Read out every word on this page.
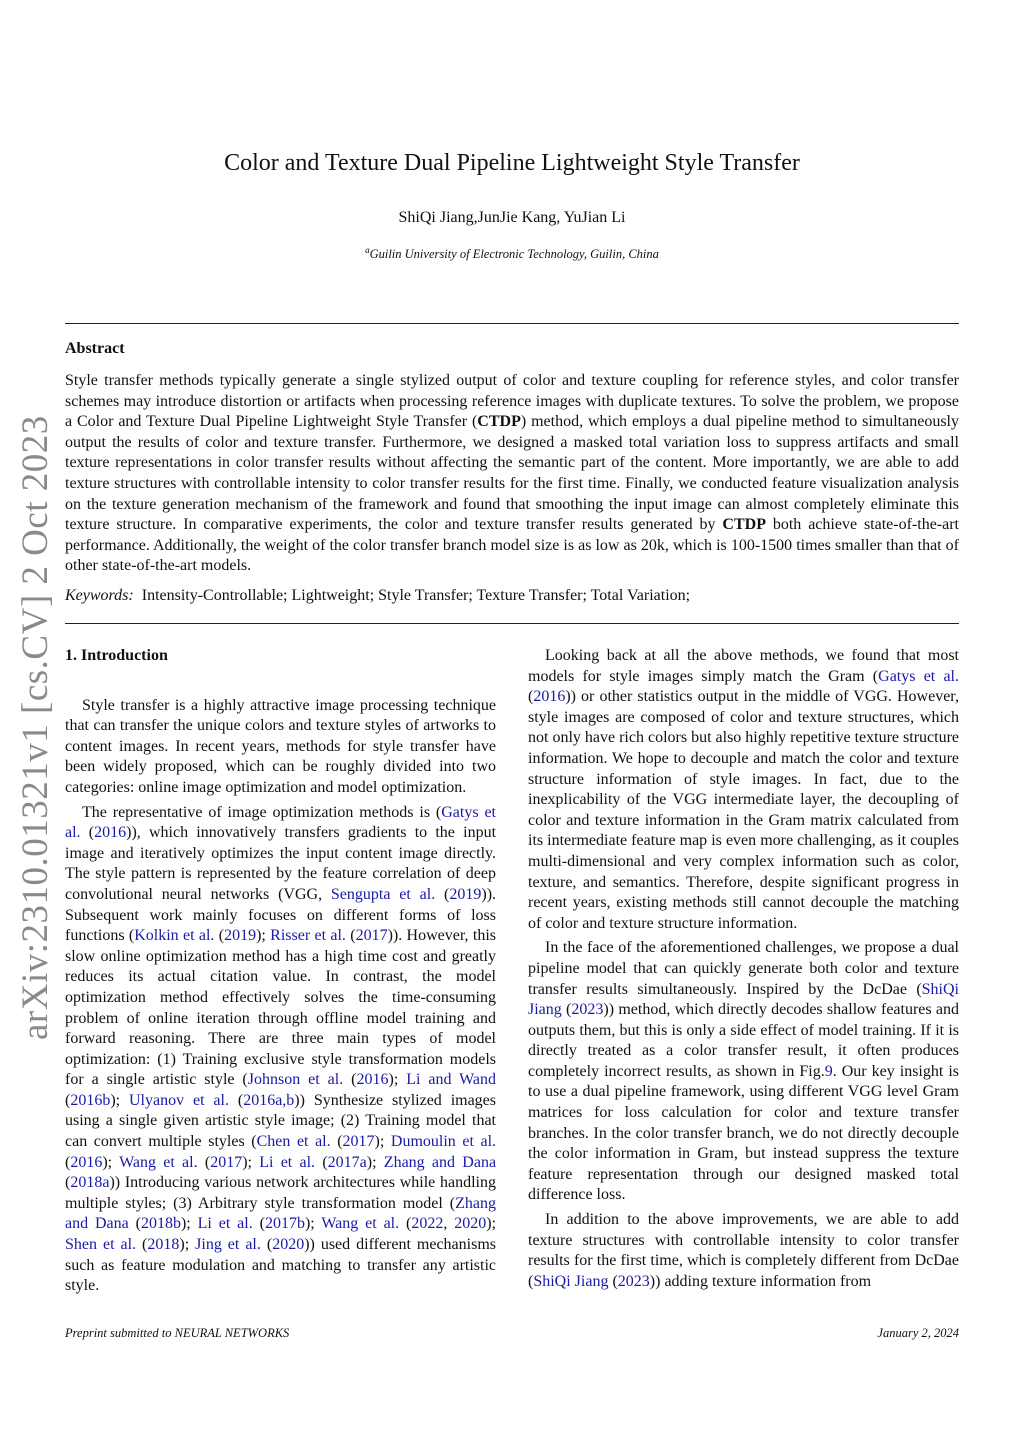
arXiv:2310.01321v1 [cs.CV] 2 Oct 2023
Color and Texture Dual Pipeline Lightweight Style Transfer
ShiQi Jiang,JunJie Kang, YuJian Li
$^a$Guilin University of Electronic Technology, Guilin, China
Abstract

Style transfer methods typically generate a single stylized output of color and texture coupling for reference styles, and color transfer schemes may introduce distortion or artifacts when processing reference images with duplicate textures. To solve the problem, we propose a Color and Texture Dual Pipeline Lightweight Style Transfer (CTDP) method, which employs a dual pipeline method to simultaneously output the results of color and texture transfer. Furthermore, we designed a masked total variation loss to suppress artifacts and small texture representations in color transfer results without affecting the semantic part of the content. More importantly, we are able to add texture structures with controllable intensity to color transfer results for the first time. Finally, we conducted feature visualization analysis on the texture generation mechanism of the framework and found that smoothing the input image can almost completely eliminate this texture structure. In comparative experiments, the color and texture transfer results generated by CTDP both achieve state-of-the-art performance. Additionally, the weight of the color transfer branch model size is as low as 20k, which is 100-1500 times smaller than that of other state-of-the-art models.

Keywords: Intensity-Controllable; Lightweight; Style Transfer; Texture Transfer; Total Variation;
1. Introduction

Style transfer is a highly attractive image processing technique that can transfer the unique colors and texture styles of artworks to content images. In recent years, methods for style transfer have been widely proposed, which can be roughly divided into two categories: online image optimization and model optimization.

The representative of image optimization methods is (Gatys et al. (2016)), which innovatively transfers gradients to the input image and iteratively optimizes the input content image directly. The style pattern is represented by the feature correlation of deep convolutional neural networks (VGG, Sengupta et al. (2019)). Subsequent work mainly focuses on different forms of loss functions (Kolkin et al. (2019); Risser et al. (2017)). However, this slow online optimization method has a high time cost and greatly reduces its actual citation value. In contrast, the model optimization method effectively solves the time-consuming problem of online iteration through offline model training and forward reasoning. There are three main types of model optimization: (1) Training exclusive style transformation models for a single artistic style (Johnson et al. (2016); Li and Wand (2016b); Ulyanov et al. (2016a,b)) Synthesize stylized images using a single given artistic style image; (2) Training model that can convert multiple styles (Chen et al. (2017); Dumoulin et al. (2016); Wang et al. (2017); Li et al. (2017a); Zhang and Dana (2018a)) Introducing various network architectures while handling multiple styles; (3) Arbitrary style transformation model (Zhang and Dana (2018b); Li et al. (2017b); Wang et al. (2022, 2020); Shen et al. (2018); Jing et al. (2020)) used different mechanisms such as feature modulation and matching to transfer any artistic style.

Looking back at all the above methods, we found that most models for style images simply match the Gram (Gatys et al. (2016)) or other statistics output in the middle of VGG. However, style images are composed of color and texture structures, which not only have rich colors but also highly repetitive texture structure information. We hope to decouple and match the color and texture structure information of style images. In fact, due to the inexplicability of the VGG intermediate layer, the decoupling of color and texture information in the Gram matrix calculated from its intermediate feature map is even more challenging, as it couples multi-dimensional and very complex information such as color, texture, and semantics. Therefore, despite significant progress in recent years, existing methods still cannot decouple the matching of color and texture structure information.

In the face of the aforementioned challenges, we propose a dual pipeline model that can quickly generate both color and texture transfer results simultaneously. Inspired by the DcDae (ShiQi Jiang (2023)) method, which directly decodes shallow features and outputs them, but this is only a side effect of model training. If it is directly treated as a color transfer result, it often produces completely incorrect results, as shown in Fig.9. Our key insight is to use a dual pipeline framework, using different VGG level Gram matrices for loss calculation for color and texture transfer branches. In the color transfer branch, we do not directly decouple the color information in Gram, but instead suppress the texture feature representation through our designed masked total difference loss.

In addition to the above improvements, we are able to add texture structures with controllable intensity to color transfer results for the first time, which is completely different from DcDae (ShiQi Jiang (2023)) adding texture information from

Preprint submitted to NEURAL NETWORKS	January 2, 2024
